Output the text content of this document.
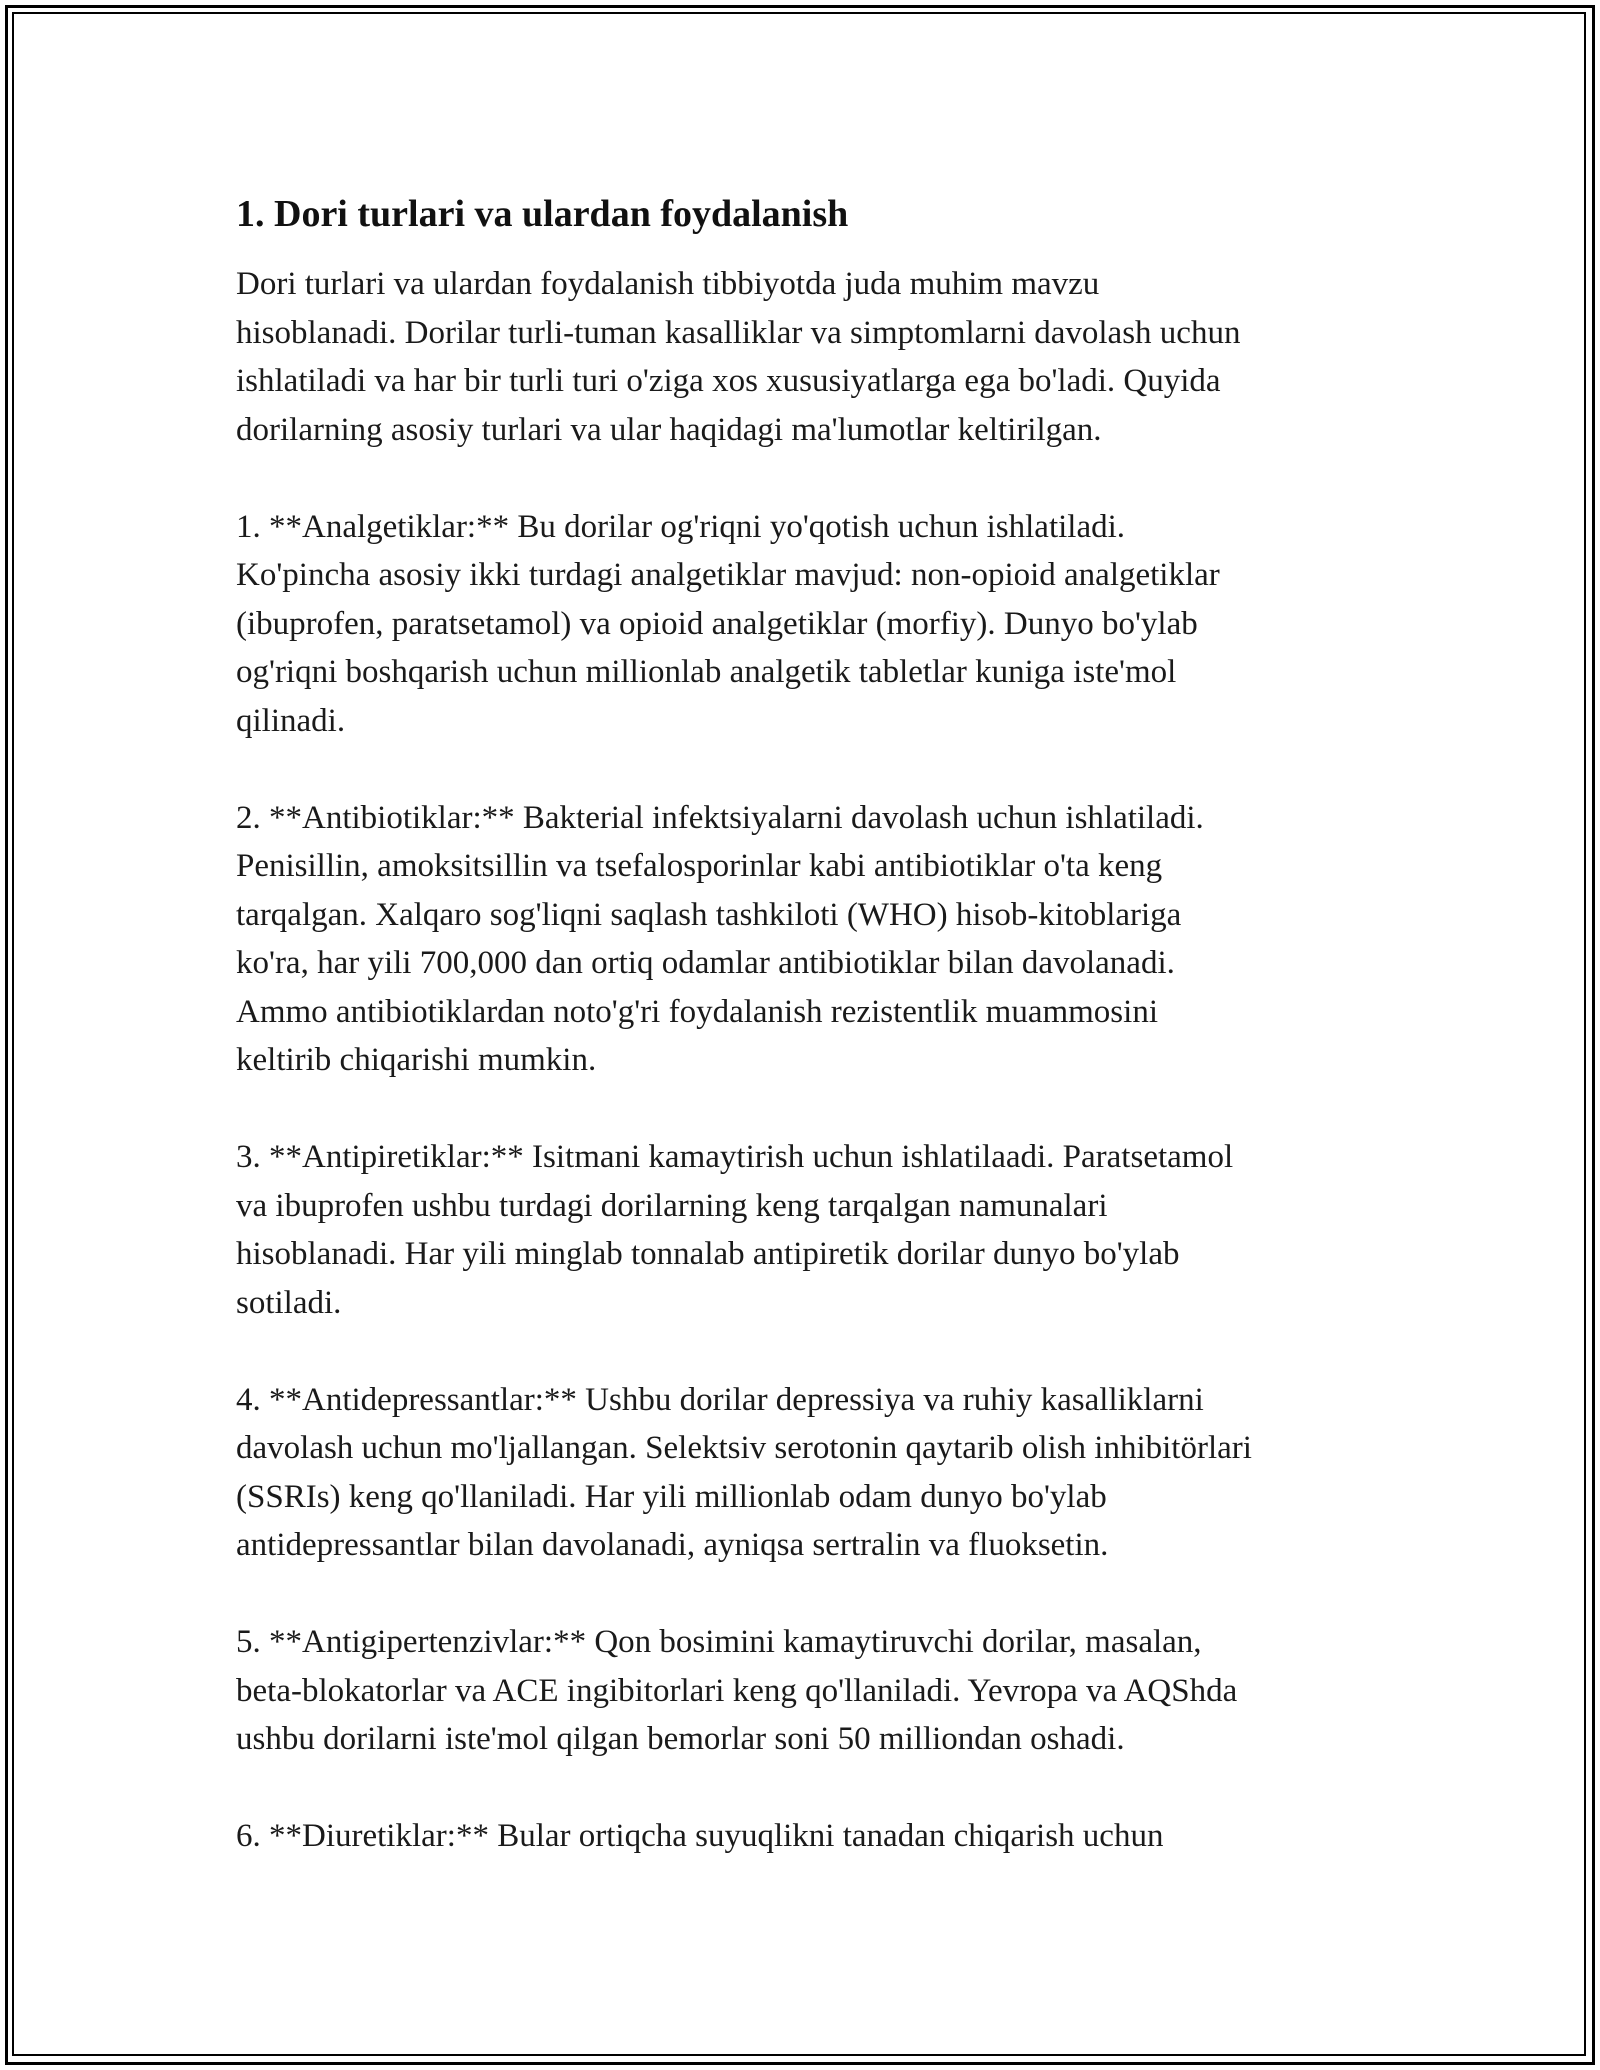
1. Dori turlari va ulardan foydalanish

Dori turlari va ulardan foydalanish tibbiyotda juda muhim mavzu
hisoblanadi. Dorilar turli-tuman kasalliklar va simptomlarni davolash uchun
ishlatiladi va har bir turli turi o'ziga xos xususiyatlarga ega bo'ladi. Quyida
dorilarning asosiy turlari va ular haqidagi ma'lumotlar keltirilgan.

1. **Analgetiklar:** Bu dorilar og'riqni yo'qotish uchun ishlatiladi.
Ko'pincha asosiy ikki turdagi analgetiklar mavjud: non-opioid analgetiklar
(ibuprofen, paratsetamol) va opioid analgetiklar (morfiy). Dunyo bo'ylab
og'riqni boshqarish uchun millionlab analgetik tabletlar kuniga iste'mol
qilinadi.

2. **Antibiotiklar:** Bakterial infektsiyalarni davolash uchun ishlatiladi.
Penisillin, amoksitsillin va tsefalosporinlar kabi antibiotiklar o'ta keng
tarqalgan. Xalqaro sog'liqni saqlash tashkiloti (WHO) hisob-kitoblariga
ko'ra, har yili 700,000 dan ortiq odamlar antibiotiklar bilan davolanadi.
Ammo antibiotiklardan noto'g'ri foydalanish rezistentlik muammosini
keltirib chiqarishi mumkin.

3. **Antipiretiklar:** Isitmani kamaytirish uchun ishlatilaadi. Paratsetamol
va ibuprofen ushbu turdagi dorilarning keng tarqalgan namunalari
hisoblanadi. Har yili minglab tonnalab antipiretik dorilar dunyo bo'ylab
sotiladi.

4. **Antidepressantlar:** Ushbu dorilar depressiya va ruhiy kasalliklarni
davolash uchun mo'ljallangan. Selektsiv serotonin qaytarib olish inhibitörlari
(SSRIs) keng qo'llaniladi. Har yili millionlab odam dunyo bo'ylab
antidepressantlar bilan davolanadi, ayniqsa sertralin va fluoksetin.

5. **Antigipertenzivlar:** Qon bosimini kamaytiruvchi dorilar, masalan,
beta-blokatorlar va ACE ingibitorlari keng qo'llaniladi. Yevropa va AQShda
ushbu dorilarni iste'mol qilgan bemorlar soni 50 milliondan oshadi.

6. **Diuretiklar:** Bular ortiqcha suyuqlikni tanadan chiqarish uchun
